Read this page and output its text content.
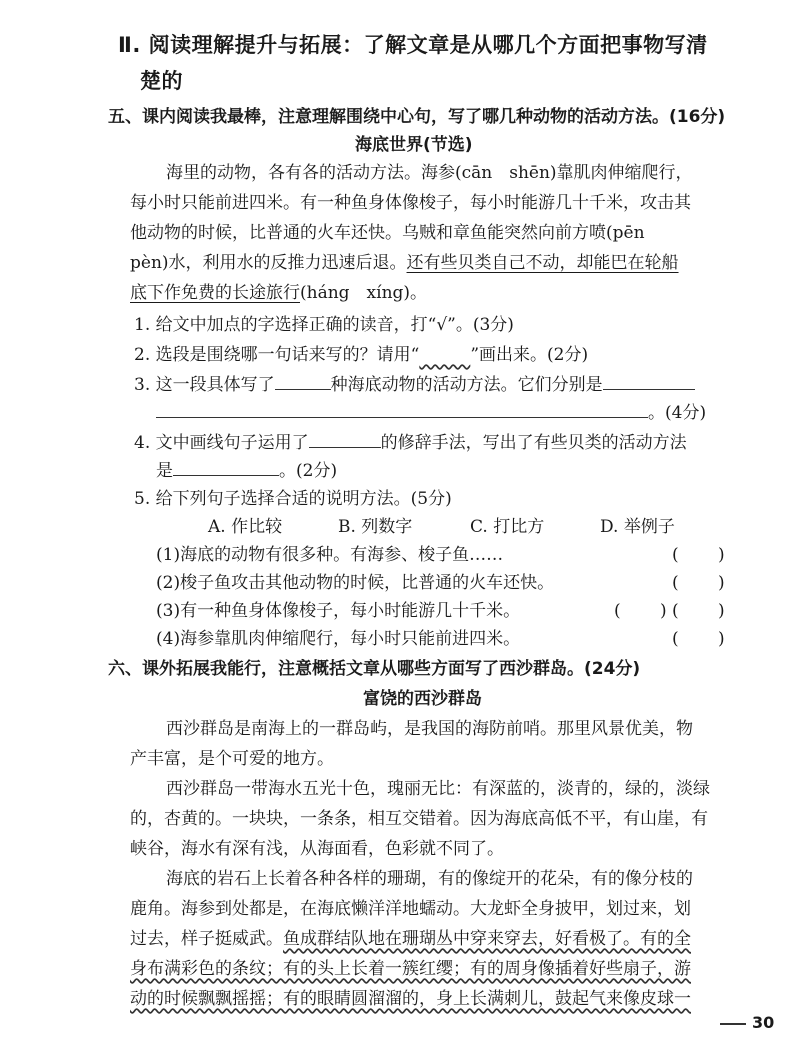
Ⅱ. 阅读理解提升与拓展：了解文章是从哪几个方面把事物写清
楚的
五、课内阅读我最棒，注意理解围绕中心句，写了哪几种动物的活动方法。(16分)
海底世界(节选)
海里的动物，各有各的活动方法。海参(cān　shēn)靠肌肉伸缩爬行，
每小时只能前进四米。有一种鱼身体像梭子，每小时能游几十千米，攻击其
他动物的时候，比普通的火车还快。乌贼和章鱼能突然向前方喷(pēn
pèn)水，利用水的反推力迅速后退。还有些贝类自己不动，却能巴在轮船
底下作免费的长途旅行(háng　xíng)。
1. 给文中加点的字选择正确的读音，打“√”。(3分)
2. 选段是围绕哪一句话来写的？请用“　　　	”画出来。(2分)
3. 这一段具体写了	种海底动物的活动方法。它们分别是
。(4分)
4. 文中画线句子运用了	的修辞手法，写出了有些贝类的活动方法
是	。(2分)
5. 给下列句子选择合适的说明方法。(5分)
A. 作比较	B. 列数字	C. 打比方	D. 举例子
(1)海底的动物有很多种。有海参、梭子鱼……	( )
(2)梭子鱼攻击其他动物的时候，比普通的火车还快。	( )
(3)有一种鱼身体像梭子，每小时能游几十千米。	( ) ( )
(4)海参靠肌肉伸缩爬行，每小时只能前进四米。	( )
六、课外拓展我能行，注意概括文章从哪些方面写了西沙群岛。(24分)
富饶的西沙群岛
西沙群岛是南海上的一群岛屿，是我国的海防前哨。那里风景优美，物
产丰富，是个可爱的地方。
西沙群岛一带海水五光十色，瑰丽无比：有深蓝的，淡青的，绿的，淡绿
的，杏黄的。一块块，一条条，相互交错着。因为海底高低不平，有山崖，有
峡谷，海水有深有浅，从海面看，色彩就不同了。
海底的岩石上长着各种各样的珊瑚，有的像绽开的花朵，有的像分枝的
鹿角。海参到处都是，在海底懒洋洋地蠕动。大龙虾全身披甲，划过来，划
过去，样子挺威武。鱼成群结队地在珊瑚丛中穿来穿去，好看极了。有的全
身布满彩色的条纹；有的头上长着一簇红缨；有的周身像插着好些扇子，游
动的时候飘飘摇摇；有的眼睛圆溜溜的，身上长满刺儿，鼓起气来像皮球一
30
